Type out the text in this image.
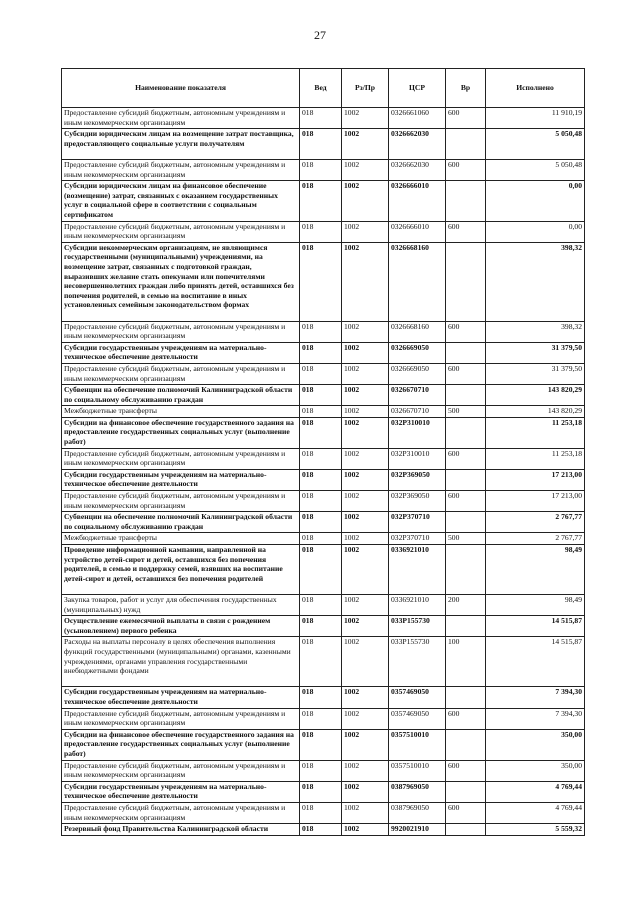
27
Наименование показателя	Вед	Рз/Пр	ЦСР	Вр	Исполнено
Предоставление субсидий бюджетным, автономным учреждениям и иным некоммерческим организациям	018	1002	0326661060	600	11 910,19
Субсидии юридическим лицам на возмещение затрат поставщика, предоставляющего социальные услуги получателям	018	1002	0326662030		5 050,48
Предоставление субсидий бюджетным, автономным учреждениям и иным некоммерческим организациям	018	1002	0326662030	600	5 050,48
Субсидии юридическим лицам на финансовое обеспечение (возмещение) затрат, связанных с оказанием государственных услуг в социальной сфере в соответствии с социальным сертификатом	018	1002	0326666010		0,00
Предоставление субсидий бюджетным, автономным учреждениям и иным некоммерческим организациям	018	1002	0326666010	600	0,00
Субсидии некоммерческим организациям, не являющимся государственными (муниципальными) учреждениями, на возмещение затрат, связанных с подготовкой граждан, выразивших желание стать опекунами или попечителями несовершеннолетних граждан либо принять детей, оставшихся без попечения родителей, в семью на воспитание в иных установленных семейным законодательством формах	018	1002	0326668160		398,32
Предоставление субсидий бюджетным, автономным учреждениям и иным некоммерческим организациям	018	1002	0326668160	600	398,32
Субсидии государственным учреждениям на материально-техническое обеспечение деятельности	018	1002	0326669050		31 379,50
Предоставление субсидий бюджетным, автономным учреждениям и иным некоммерческим организациям	018	1002	0326669050	600	31 379,50
Субвенции на обеспечение полномочий Калининградской области по социальному обслуживанию граждан	018	1002	0326670710		143 820,29
Межбюджетные трансферты	018	1002	0326670710	500	143 820,29
Субсидии на финансовое обеспечение государственного задания на предоставление государственных социальных услуг (выполнение работ)	018	1002	032Р310010		11 253,18
Предоставление субсидий бюджетным, автономным учреждениям и иным некоммерческим организациям	018	1002	032Р310010	600	11 253,18
Субсидии государственным учреждениям на материально-техническое обеспечение деятельности	018	1002	032Р369050		17 213,00
Предоставление субсидий бюджетным, автономным учреждениям и иным некоммерческим организациям	018	1002	032Р369050	600	17 213,00
Субвенции на обеспечение полномочий Калининградской области по социальному обслуживанию граждан	018	1002	032Р370710		2 767,77
Межбюджетные трансферты	018	1002	032Р370710	500	2 767,77
Проведение информационной кампании, направленной на устройство детей-сирот и детей, оставшихся без попечения родителей, в семью и поддержку семей, взявших на воспитание детей-сирот и детей, оставшихся без попечения родителей	018	1002	0336921010		98,49
Закупка товаров, работ и услуг для обеспечения государственных (муниципальных) нужд	018	1002	0336921010	200	98,49
Осуществление ежемесячной выплаты в связи с рождением (усыновлением) первого ребенка	018	1002	033Р155730		14 515,87
Расходы на выплаты персоналу в целях обеспечения выполнения функций государственными (муниципальными) органами, казенными учреждениями, органами управления государственными внебюджетными фондами	018	1002	033Р155730	100	14 515,87
Субсидии государственным учреждениям на материально-техническое обеспечение деятельности	018	1002	0357469050		7 394,30
Предоставление субсидий бюджетным, автономным учреждениям и иным некоммерческим организациям	018	1002	0357469050	600	7 394,30
Субсидии на финансовое обеспечение государственного задания на предоставление государственных социальных услуг (выполнение работ)	018	1002	0357510010		350,00
Предоставление субсидий бюджетным, автономным учреждениям и иным некоммерческим организациям	018	1002	0357510010	600	350,00
Субсидии государственным учреждениям на материально-техническое обеспечение деятельности	018	1002	0387969050		4 769,44
Предоставление субсидий бюджетным, автономным учреждениям и иным некоммерческим организациям	018	1002	0387969050	600	4 769,44
Резервный фонд Правительства Калининградской области	018	1002	9920021910		5 559,32
